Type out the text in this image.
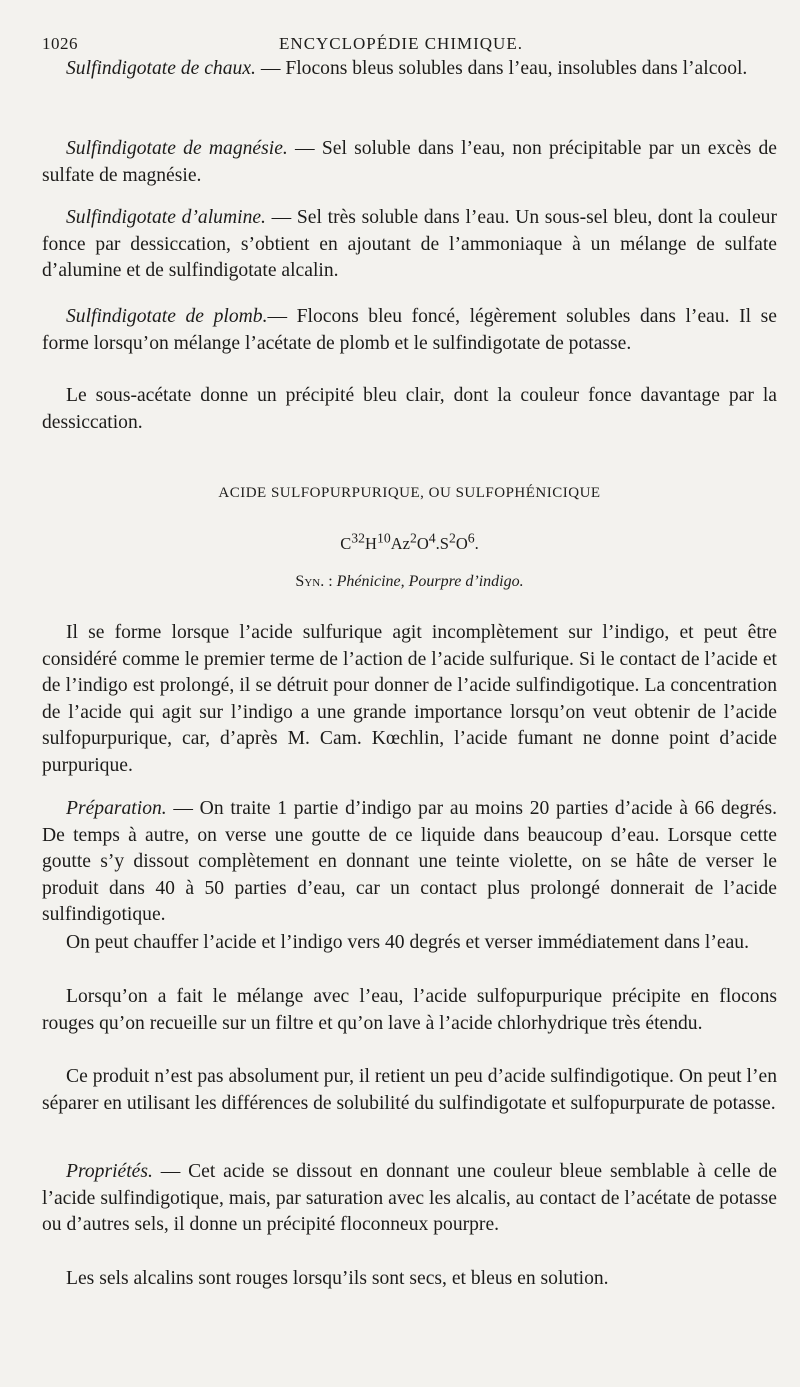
1026	ENCYCLOPÉDIE CHIMIQUE.

Sulfindigotate de chaux. — Flocons bleus solubles dans l’eau, insolubles dans l’alcool.

Sulfindigotate de magnésie. — Sel soluble dans l’eau, non précipitable par un excès de sulfate de magnésie.

Sulfindigotate d’alumine. — Sel très soluble dans l’eau. Un sous-sel bleu, dont la couleur fonce par dessiccation, s’obtient en ajoutant de l’ammoniaque à un mélange de sulfate d’alumine et de sulfindigotate alcalin.

Sulfindigotate de plomb.— Flocons bleu foncé, légèrement solubles dans l’eau. Il se forme lorsqu’on mélange l’acétate de plomb et le sulfindigotate de potasse.

Le sous-acétate donne un précipité bleu clair, dont la couleur fonce davantage par la dessiccation.

ACIDE SULFOPURPURIQUE, OU SULFOPHÉNICIQUE
$C^{32}H^{10}Az^2O^4.S^2O^6$.
Syn. : Phénicine, Pourpre d’indigo.

Il se forme lorsque l’acide sulfurique agit incomplètement sur l’indigo, et peut être considéré comme le premier terme de l’action de l’acide sulfurique. Si le contact de l’acide et de l’indigo est prolongé, il se détruit pour donner de l’acide sulfindigotique. La concentration de l’acide qui agit sur l’indigo a une grande importance lorsqu’on veut obtenir de l’acide sulfopurpurique, car, d’après M. Cam. Kœchlin, l’acide fumant ne donne point d’acide purpurique.

Préparation. — On traite 1 partie d’indigo par au moins 20 parties d’acide à 66 degrés. De temps à autre, on verse une goutte de ce liquide dans beaucoup d’eau. Lorsque cette goutte s’y dissout complètement en donnant une teinte violette, on se hâte de verser le produit dans 40 à 50 parties d’eau, car un contact plus prolongé donnerait de l’acide sulfindigotique.

On peut chauffer l’acide et l’indigo vers 40 degrés et verser immédiatement dans l’eau.

Lorsqu’on a fait le mélange avec l’eau, l’acide sulfopurpurique précipite en flocons rouges qu’on recueille sur un filtre et qu’on lave à l’acide chlorhydrique très étendu.

Ce produit n’est pas absolument pur, il retient un peu d’acide sulfindigotique. On peut l’en séparer en utilisant les différences de solubilité du sulfindigotate et sulfopurpurate de potasse.

Propriétés. — Cet acide se dissout en donnant une couleur bleue semblable à celle de l’acide sulfindigotique, mais, par saturation avec les alcalis, au contact de l’acétate de potasse ou d’autres sels, il donne un précipité floconneux pourpre.

Les sels alcalins sont rouges lorsqu’ils sont secs, et bleus en solution.
